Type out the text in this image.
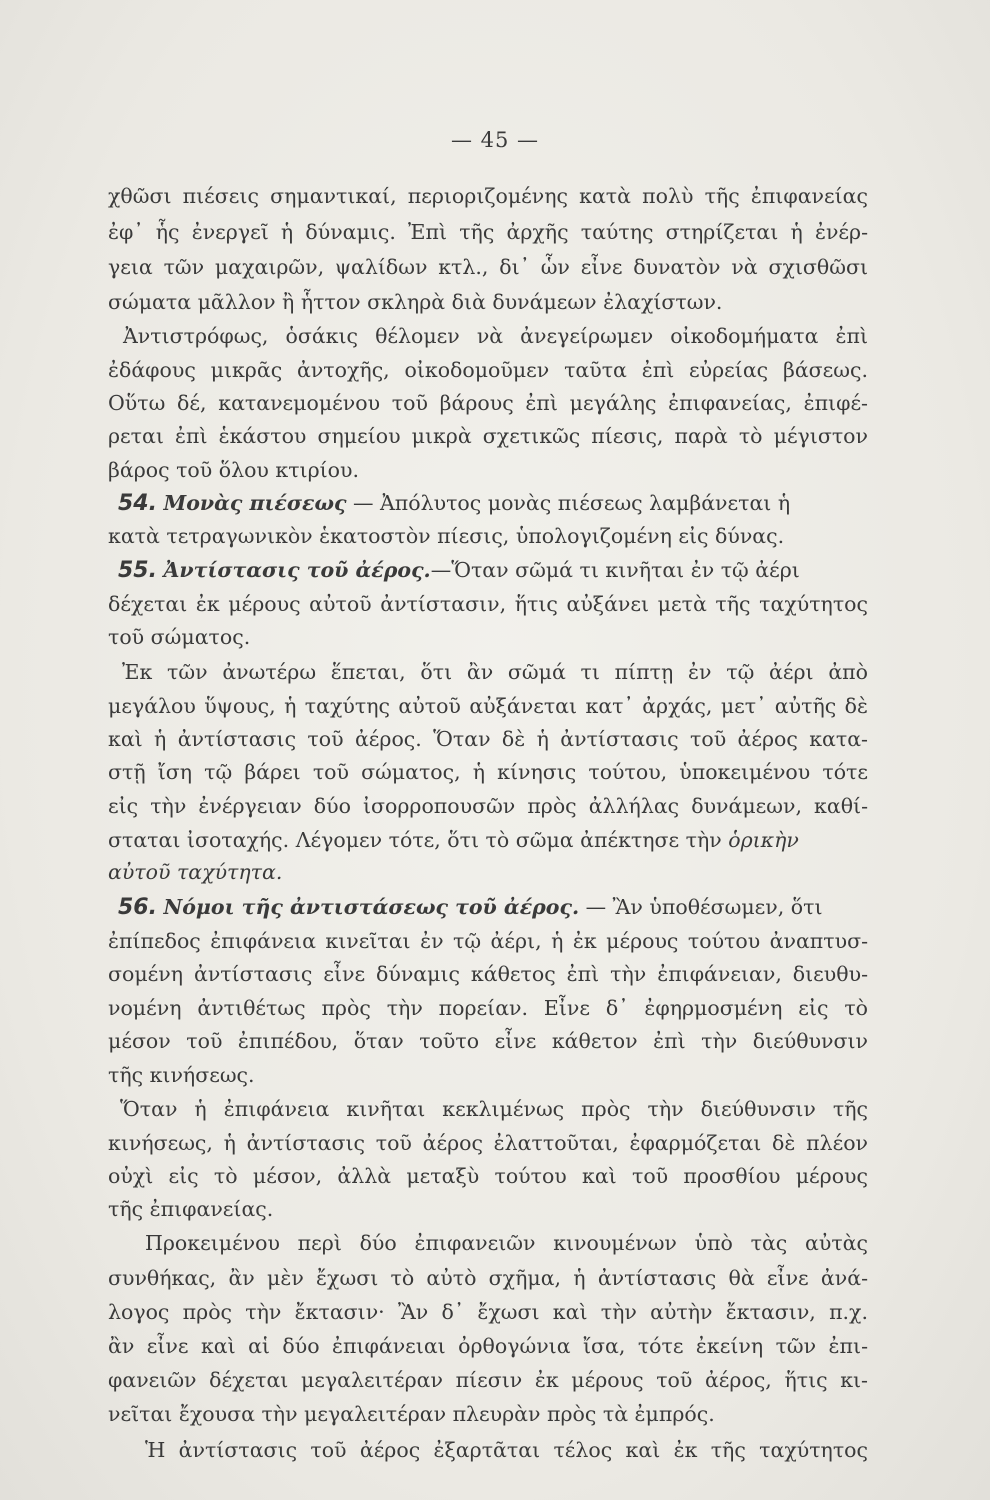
— 45 —
χθῶσι πιέσεις σημαντικαί, περιοριζομένης κατὰ πολὺ τῆς ἐπιφανείας
ἐφ᾽ ἧς ἐνεργεῖ ἡ δύναμις. Ἐπὶ τῆς ἀρχῆς ταύτης στηρίζεται ἡ ἐνέρ-
γεια τῶν μαχαιρῶν, ψαλίδων κτλ., δι᾽ ὧν εἶνε δυνατὸν νὰ σχισθῶσι
σώματα μᾶλλον ἢ ἧττον σκληρὰ διὰ δυνάμεων ἐλαχίστων.
Ἀντιστρόφως, ὁσάκις θέλομεν νὰ ἀνεγείρωμεν οἰκοδομήματα ἐπὶ
ἐδάφους μικρᾶς ἀντοχῆς, οἰκοδομοῦμεν ταῦτα ἐπὶ εὐρείας βάσεως.
Οὕτω δέ, κατανεμομένου τοῦ βάρους ἐπὶ μεγάλης ἐπιφανείας, ἐπιφέ-
ρεται ἐπὶ ἑκάστου σημείου μικρὰ σχετικῶς πίεσις, παρὰ τὸ μέγιστον
βάρος τοῦ ὅλου κτιρίου.
54. Μονὰς πιέσεως — Ἀπόλυτος μονὰς πιέσεως λαμβάνεται ἡ
κατὰ τετραγωνικὸν ἑκατοστὸν πίεσις, ὑπολογιζομένη εἰς δύνας.
55. Ἀντίστασις τοῦ ἀέρος.—Ὅταν σῶμά τι κινῆται ἐν τῷ ἀέρι
δέχεται ἐκ μέρους αὐτοῦ ἀντίστασιν, ἥτις αὐξάνει μετὰ τῆς ταχύτητος
τοῦ σώματος.
Ἐκ τῶν ἀνωτέρω ἕπεται, ὅτι ἂν σῶμά τι πίπτῃ ἐν τῷ ἀέρι ἀπὸ
μεγάλου ὕψους, ἡ ταχύτης αὐτοῦ αὐξάνεται κατ᾽ ἀρχάς, μετ᾽ αὐτῆς δὲ
καὶ ἡ ἀντίστασις τοῦ ἀέρος. Ὅταν δὲ ἡ ἀντίστασις τοῦ ἀέρος κατα-
στῇ ἴση τῷ βάρει τοῦ σώματος, ἡ κίνησις τούτου, ὑποκειμένου τότε
εἰς τὴν ἐνέργειαν δύο ἰσορροπουσῶν πρὸς ἀλλήλας δυνάμεων, καθί-
σταται ἰσοταχής. Λέγομεν τότε, ὅτι τὸ σῶμα ἀπέκτησε τὴν ὁρικὴν
αὐτοῦ ταχύτητα.
56. Νόμοι τῆς ἀντιστάσεως τοῦ ἀέρος. — Ἂν ὑποθέσωμεν, ὅτι
ἐπίπεδος ἐπιφάνεια κινεῖται ἐν τῷ ἀέρι, ἡ ἐκ μέρους τούτου ἀναπτυσ-
σομένη ἀντίστασις εἶνε δύναμις κάθετος ἐπὶ τὴν ἐπιφάνειαν, διευθυ-
νομένη ἀντιθέτως πρὸς τὴν πορείαν. Εἶνε δ᾽ ἐφηρμοσμένη εἰς τὸ
μέσον τοῦ ἐπιπέδου, ὅταν τοῦτο εἶνε κάθετον ἐπὶ τὴν διεύθυνσιν
τῆς κινήσεως.
Ὅταν ἡ ἐπιφάνεια κινῆται κεκλιμένως πρὸς τὴν διεύθυνσιν τῆς
κινήσεως, ἡ ἀντίστασις τοῦ ἀέρος ἐλαττοῦται, ἐφαρμόζεται δὲ πλέον
οὐχὶ εἰς τὸ μέσον, ἀλλὰ μεταξὺ τούτου καὶ τοῦ προσθίου μέρους
τῆς ἐπιφανείας.
Προκειμένου περὶ δύο ἐπιφανειῶν κινουμένων ὑπὸ τὰς αὐτὰς
συνθήκας, ἂν μὲν ἔχωσι τὸ αὐτὸ σχῆμα, ἡ ἀντίστασις θὰ εἶνε ἀνά-
λογος πρὸς τὴν ἔκτασιν· Ἂν δ᾽ ἔχωσι καὶ τὴν αὐτὴν ἔκτασιν, π.χ.
ἂν εἶνε καὶ αἱ δύο ἐπιφάνειαι ὀρθογώνια ἴσα, τότε ἐκείνη τῶν ἐπι-
φανειῶν δέχεται μεγαλειτέραν πίεσιν ἐκ μέρους τοῦ ἀέρος, ἥτις κι-
νεῖται ἔχουσα τὴν μεγαλειτέραν πλευρὰν πρὸς τὰ ἐμπρός.
Ἡ ἀντίστασις τοῦ ἀέρος ἐξαρτᾶται τέλος καὶ ἐκ τῆς ταχύτητος
